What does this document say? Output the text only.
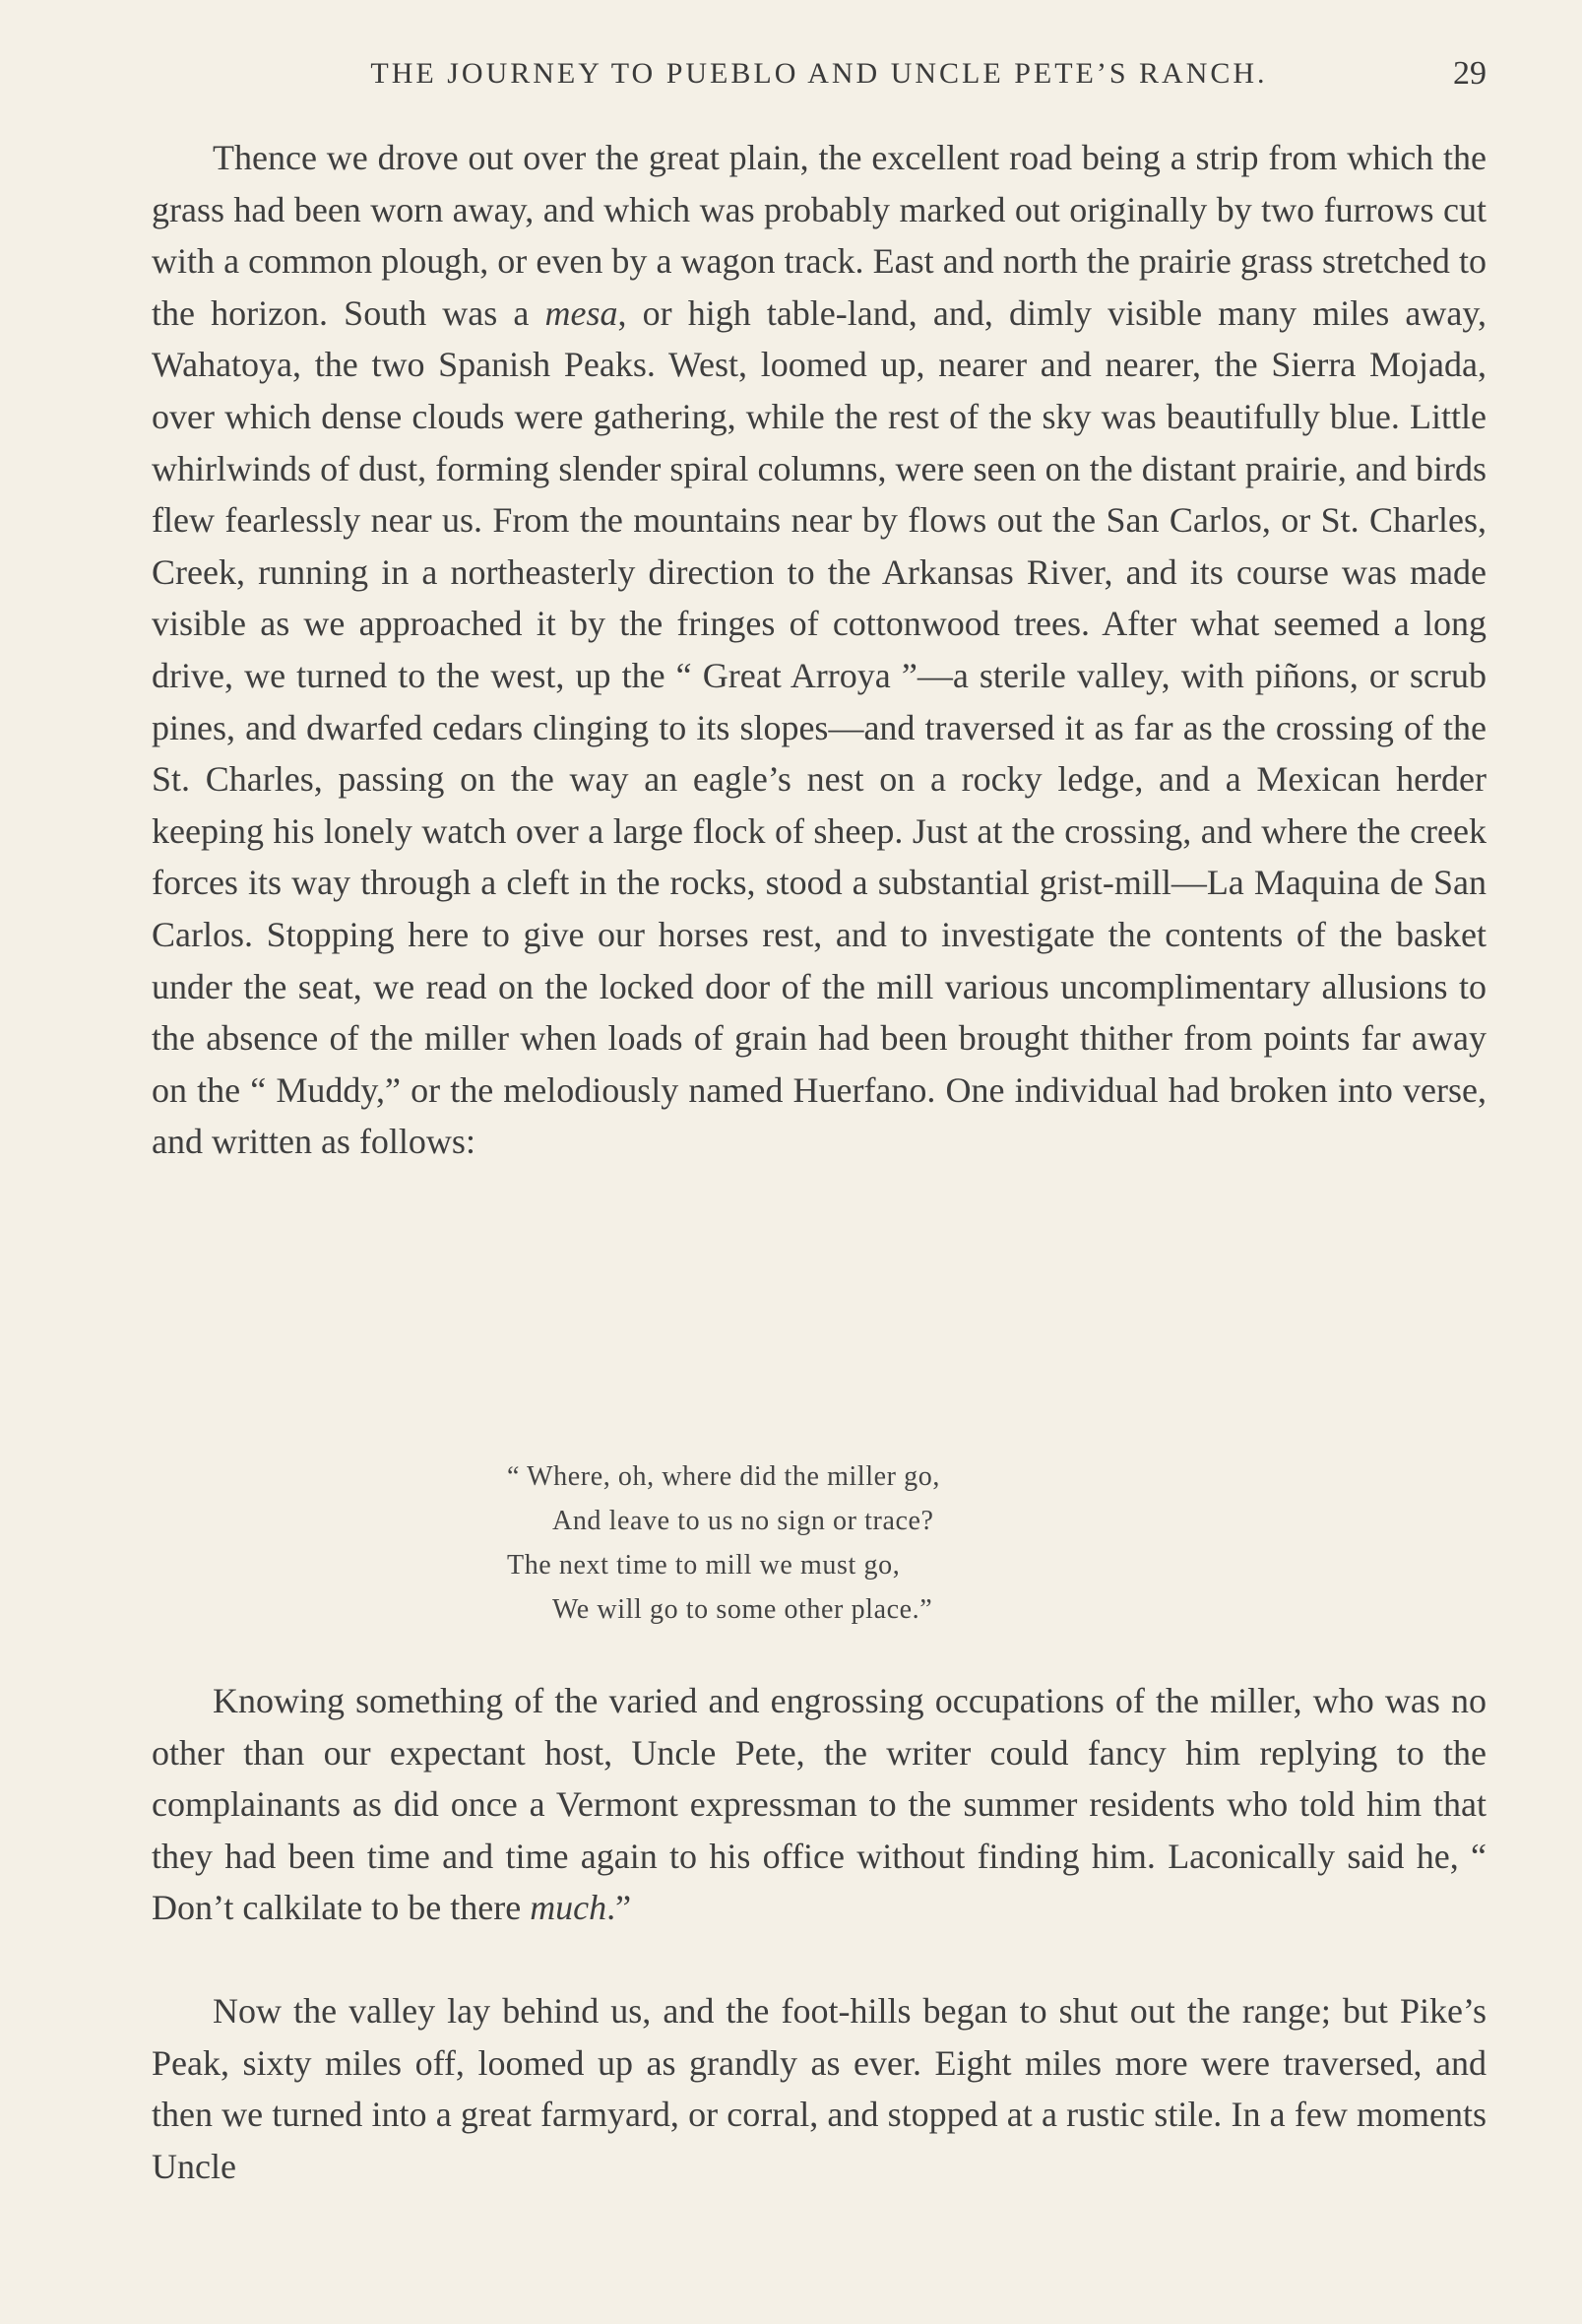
THE JOURNEY TO PUEBLO AND UNCLE PETE’S RANCH.	29

Thence we drove out over the great plain, the excellent road being a strip from which the grass had been worn away, and which was probably marked out originally by two furrows cut with a common plough, or even by a wagon track. East and north the prairie grass stretched to the horizon. South was a mesa, or high table-land, and, dimly visible many miles away, Wahatoya, the two Spanish Peaks. West, loomed up, nearer and nearer, the Sierra Mojada, over which dense clouds were gathering, while the rest of the sky was beautifully blue. Little whirlwinds of dust, forming slender spiral columns, were seen on the distant prairie, and birds flew fearlessly near us. From the mountains near by flows out the San Carlos, or St. Charles, Creek, running in a northeasterly direction to the Arkansas River, and its course was made visible as we approached it by the fringes of cottonwood trees. After what seemed a long drive, we turned to the west, up the “ Great Arroya ”—a sterile valley, with piñons, or scrub pines, and dwarfed cedars clinging to its slopes—and traversed it as far as the crossing of the St. Charles, passing on the way an eagle’s nest on a rocky ledge, and a Mexican herder keeping his lonely watch over a large flock of sheep. Just at the crossing, and where the creek forces its way through a cleft in the rocks, stood a substantial grist-mill—La Maquina de San Carlos. Stopping here to give our horses rest, and to investigate the contents of the basket under the seat, we read on the locked door of the mill various uncomplimentary allusions to the absence of the miller when loads of grain had been brought thither from points far away on the “ Muddy,” or the melodiously named Huerfano. One individual had broken into verse, and written as follows:

“ Where, oh, where did the miller go,
And leave to us no sign or trace?
The next time to mill we must go,
We will go to some other place.”

Knowing something of the varied and engrossing occupations of the miller, who was no other than our expectant host, Uncle Pete, the writer could fancy him replying to the complainants as did once a Vermont expressman to the summer residents who told him that they had been time and time again to his office without finding him. Laconically said he, “ Don’t calkilate to be there much.”

Now the valley lay behind us, and the foot-hills began to shut out the range; but Pike’s Peak, sixty miles off, loomed up as grandly as ever. Eight miles more were traversed, and then we turned into a great farmyard, or corral, and stopped at a rustic stile. In a few moments Uncle
